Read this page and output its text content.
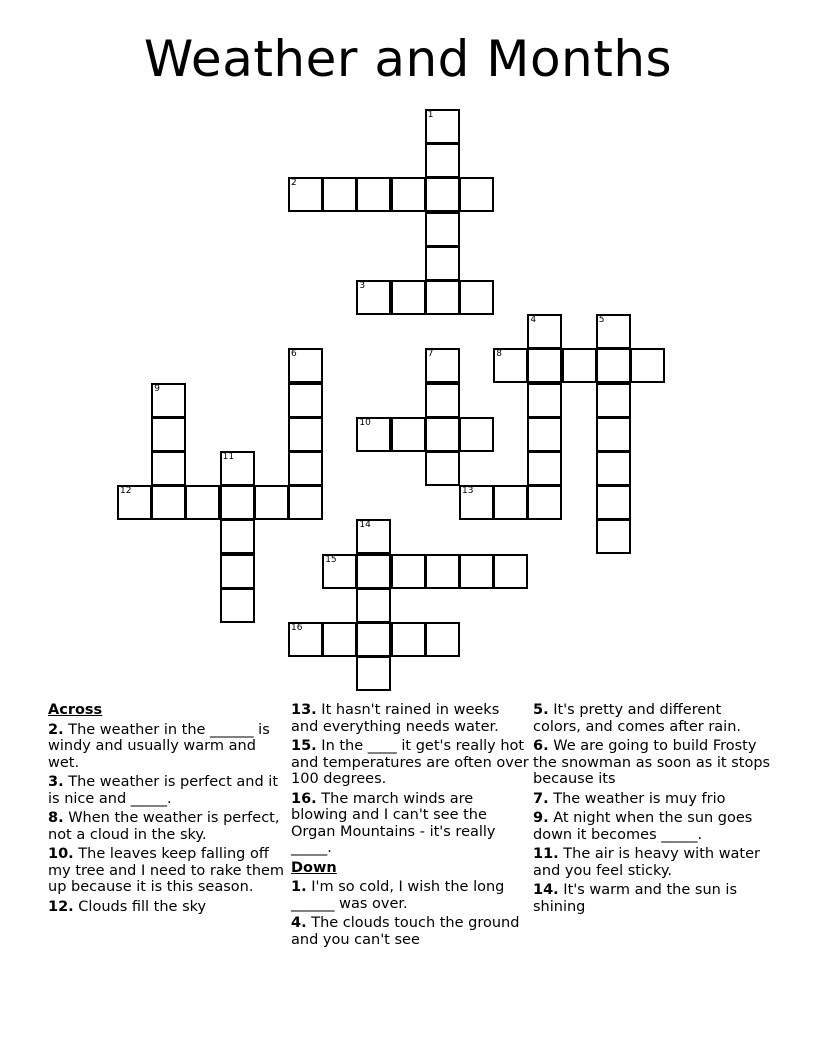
Weather and Months
1
2
3
4	5
6	7	8
9
10
11
12	13
14
15
16
Across
2. The weather in the ______ is windy and usually warm and wet.
3. The weather is perfect and it is nice and _____.
8. When the weather is perfect, not a cloud in the sky.
10. The leaves keep falling off my tree and I need to rake them up because it is this season.
12. Clouds fill the sky
13. It hasn't rained in weeks and everything needs water.
15. In the ____ it get's really hot and temperatures are often over 100 degrees.
16. The march winds are blowing and I can't see the Organ Mountains - it's really _____.
Down
1. I'm so cold, I wish the long ______ was over.
4. The clouds touch the ground and you can't see
5. It's pretty and different colors, and comes after rain.
6. We are going to build Frosty the snowman as soon as it stops because its
7. The weather is muy frio
9. At night when the sun goes down it becomes _____.
11. The air is heavy with water and you feel sticky.
14. It's warm and the sun is shining
